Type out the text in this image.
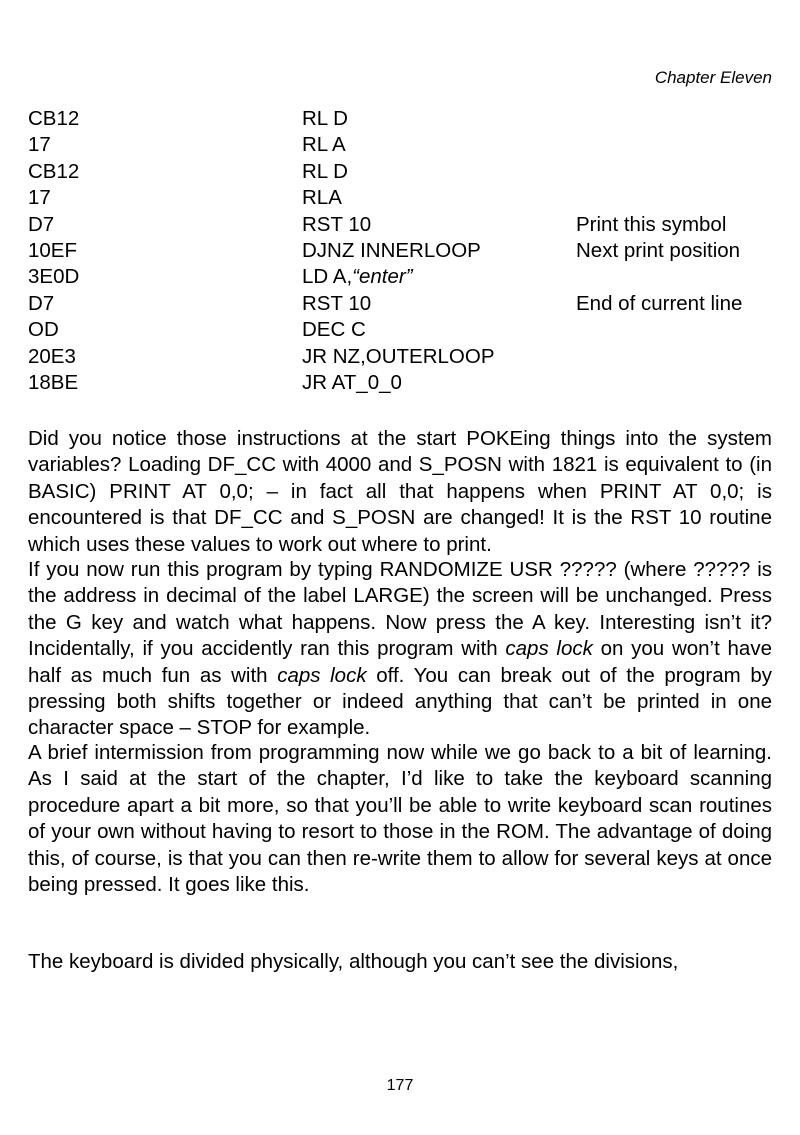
Chapter Eleven
CB12	RL D
17	RL A
CB12	RL D
17	RLA
D7	RST 10	Print this symbol
10EF	DJNZ INNERLOOP	Next print position
3E0D	LD A,“enter”
D7	RST 10	End of current line
OD	DEC C
20E3	JR NZ,OUTERLOOP
18BE	JR AT_0_0

Did you notice those instructions at the start POKEing things into the system variables? Loading DF_CC with 4000 and S_POSN with 1821 is equivalent to (in BASIC) PRINT AT 0,0; – in fact all that happens when PRINT AT 0,0; is encountered is that DF_CC and S_POSN are changed! It is the RST 10 routine which uses these values to work out where to print.

If you now run this program by typing RANDOMIZE USR ????? (where ????? is the address in decimal of the label LARGE) the screen will be unchanged. Press the G key and watch what happens. Now press the A key. Interesting isn’t it? Incidentally, if you accidently ran this program with caps lock on you won’t have half as much fun as with caps lock off. You can break out of the program by pressing both shifts together or indeed anything that can’t be printed in one character space – STOP for example.

A brief intermission from programming now while we go back to a bit of learning. As I said at the start of the chapter, I’d like to take the keyboard scanning procedure apart a bit more, so that you’ll be able to write keyboard scan routines of your own without having to resort to those in the ROM. The advantage of doing this, of course, is that you can then re-write them to allow for several keys at once being pressed. It goes like this.

The keyboard is divided physically, although you can’t see the divisions,

177
